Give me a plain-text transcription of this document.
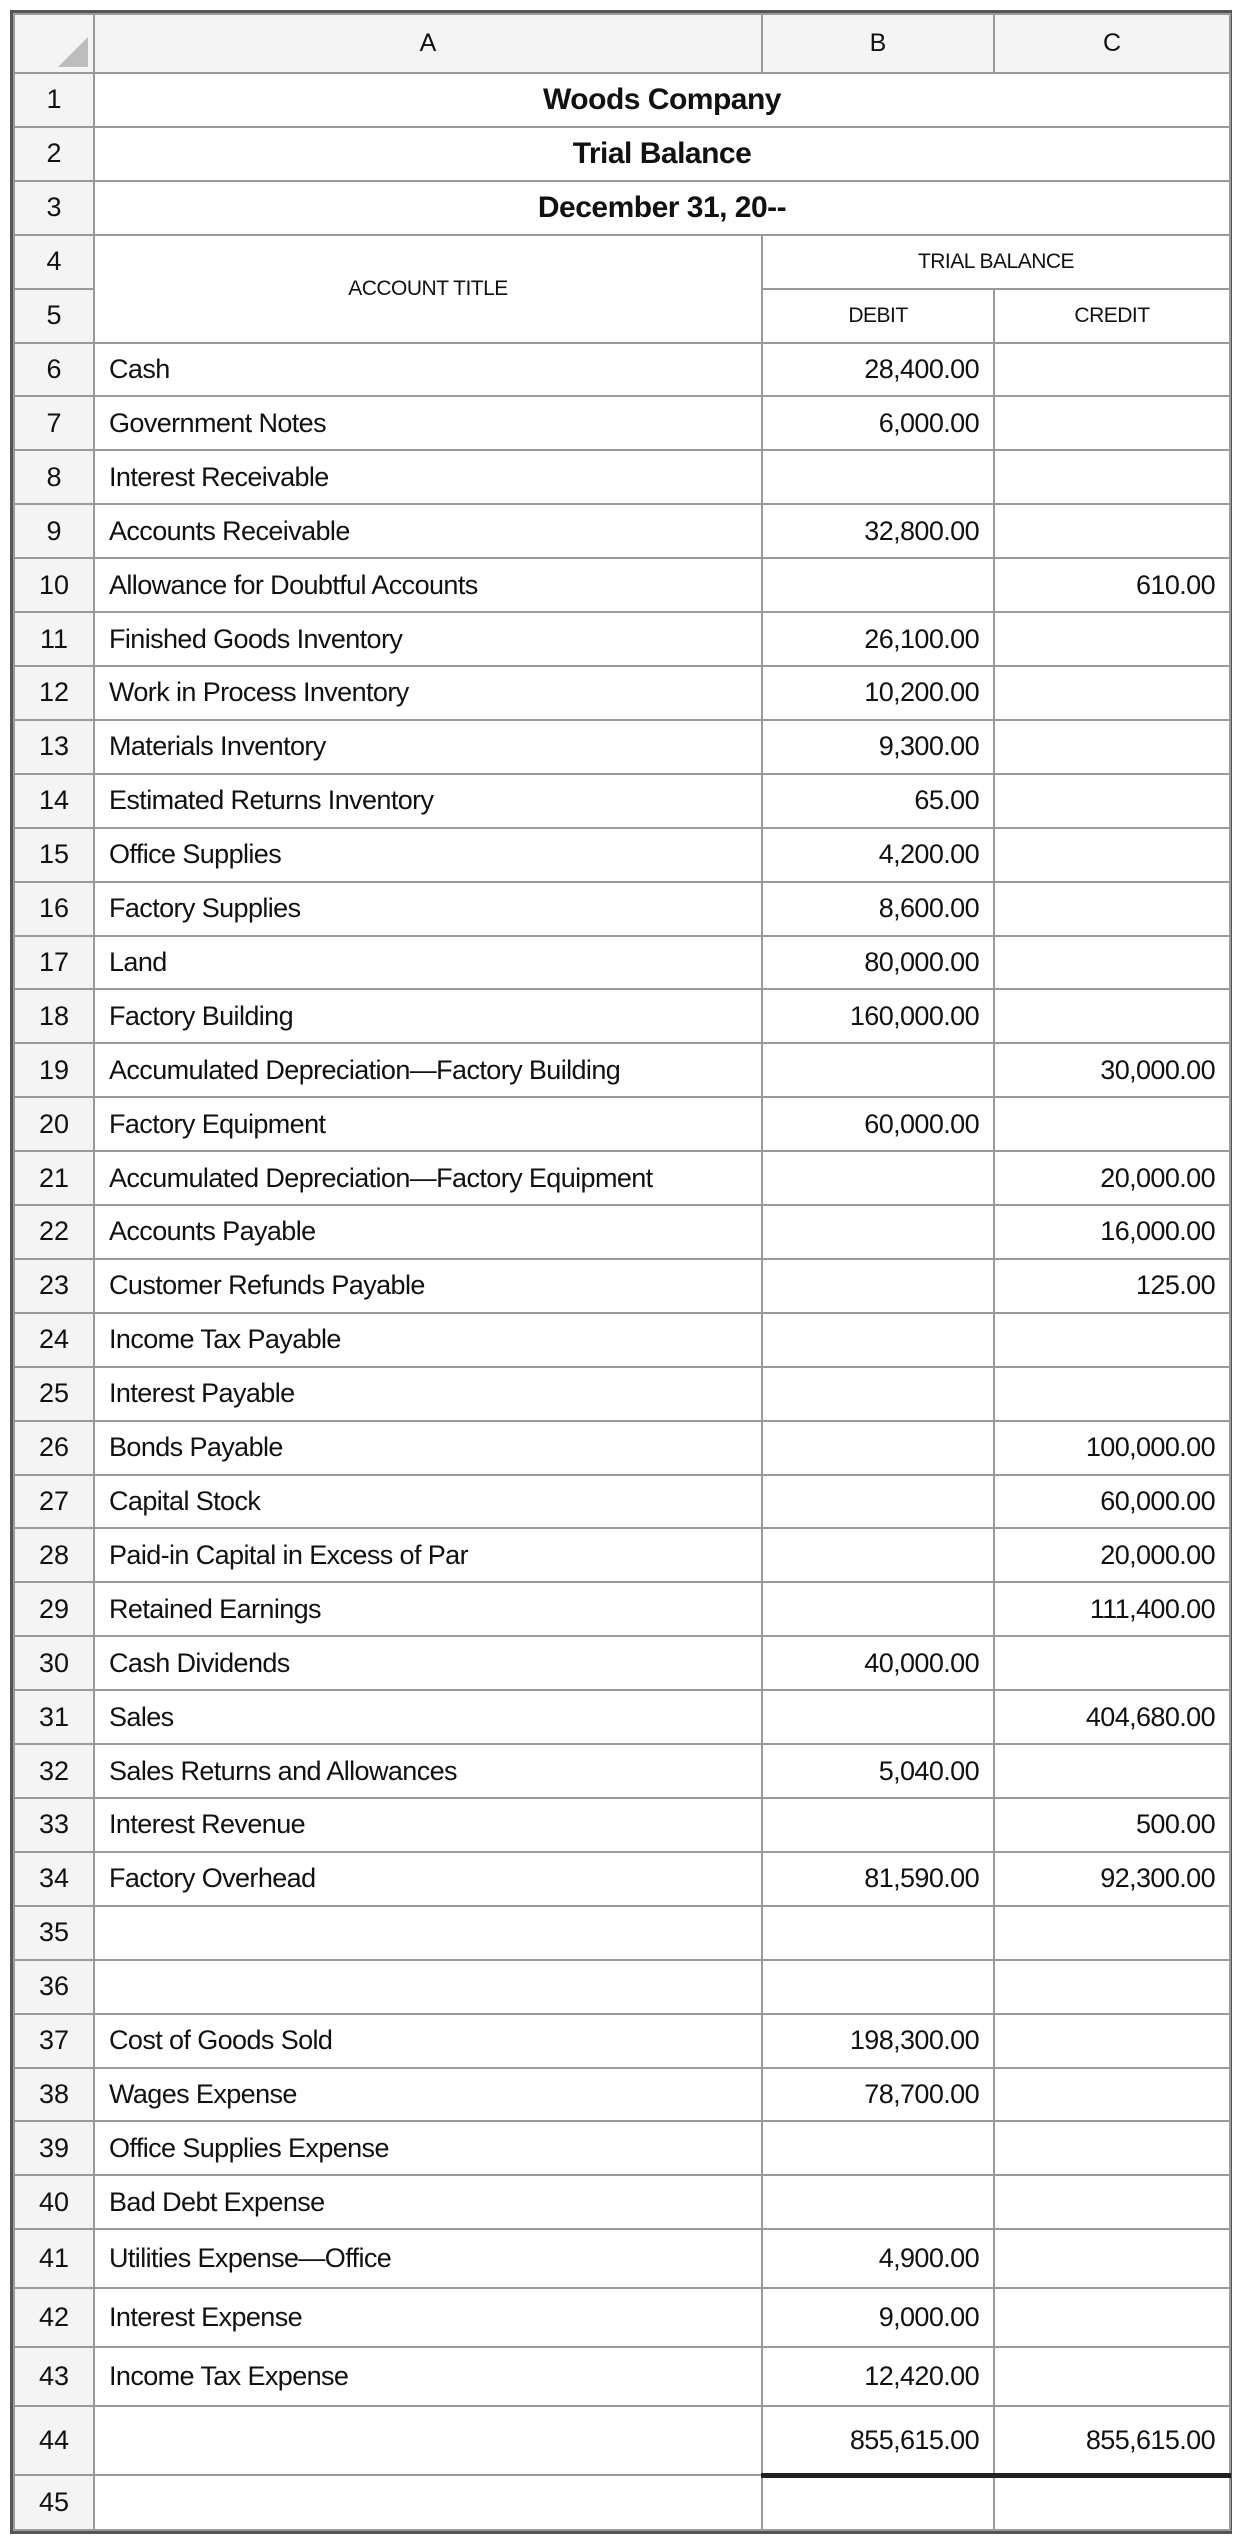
	A	B	C
1	Woods Company		
2	Trial Balance		
3	December 31, 20--		
4	ACCOUNT TITLE	TRIAL BALANCE	
5		DEBIT	CREDIT
6	Cash	28,400.00	
7	Government Notes	6,000.00	
8	Interest Receivable		
9	Accounts Receivable	32,800.00	
10	Allowance for Doubtful Accounts		610.00
11	Finished Goods Inventory	26,100.00	
12	Work in Process Inventory	10,200.00	
13	Materials Inventory	9,300.00	
14	Estimated Returns Inventory	65.00	
15	Office Supplies	4,200.00	
16	Factory Supplies	8,600.00	
17	Land	80,000.00	
18	Factory Building	160,000.00	
19	Accumulated Depreciation—Factory Building		30,000.00
20	Factory Equipment	60,000.00	
21	Accumulated Depreciation—Factory Equipment		20,000.00
22	Accounts Payable		16,000.00
23	Customer Refunds Payable		125.00
24	Income Tax Payable		
25	Interest Payable		
26	Bonds Payable		100,000.00
27	Capital Stock		60,000.00
28	Paid-in Capital in Excess of Par		20,000.00
29	Retained Earnings		111,400.00
30	Cash Dividends	40,000.00	
31	Sales		404,680.00
32	Sales Returns and Allowances	5,040.00	
33	Interest Revenue		500.00
34	Factory Overhead	81,590.00	92,300.00
35			
36			
37	Cost of Goods Sold	198,300.00	
38	Wages Expense	78,700.00	
39	Office Supplies Expense		
40	Bad Debt Expense		
41	Utilities Expense—Office	4,900.00	
42	Interest Expense	9,000.00	
43	Income Tax Expense	12,420.00	
44		855,615.00	855,615.00
45			
